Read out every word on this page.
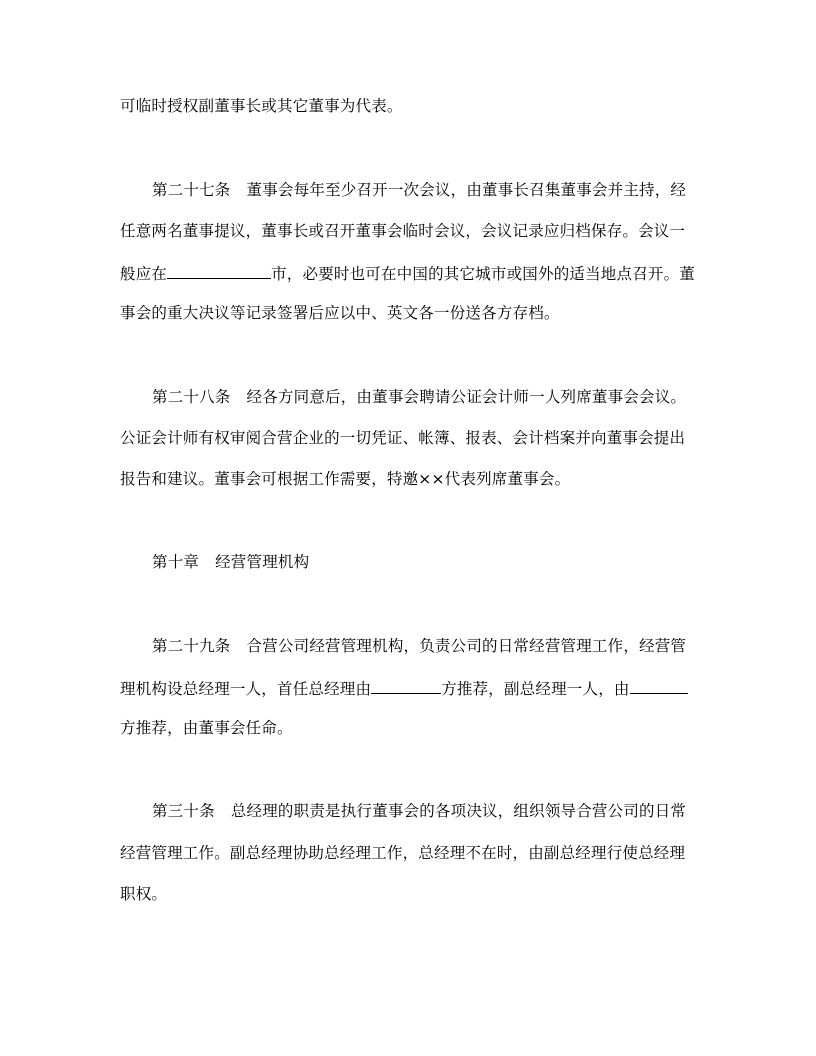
可临时授权副董事长或其它董事为代表。
第二十七条 董事会每年至少召开一次会议，由董事长召集董事会并主持，经
任意两名董事提议，董事长或召开董事会临时会议，会议记录应归档保存。会议一
般应在	市，必要时也可在中国的其它城市或国外的适当地点召开。董
事会的重大决议等记录签署后应以中、英文各一份送各方存档。
第二十八条 经各方同意后，由董事会聘请公证会计师一人列席董事会会议。
公证会计师有权审阅合营企业的一切凭证、帐簿、报表、会计档案并向董事会提出
报告和建议。董事会可根据工作需要，特邀××代表列席董事会。
第十章 经营管理机构
第二十九条 合营公司经营管理机构，负责公司的日常经营管理工作，经营管
理机构设总经理一人，首任总经理由	方推荐，副总经理一人，由
方推荐，由董事会任命。
第三十条 总经理的职责是执行董事会的各项决议，组织领导合营公司的日常
经营管理工作。副总经理协助总经理工作，总经理不在时，由副总经理行使总经理
职权。
